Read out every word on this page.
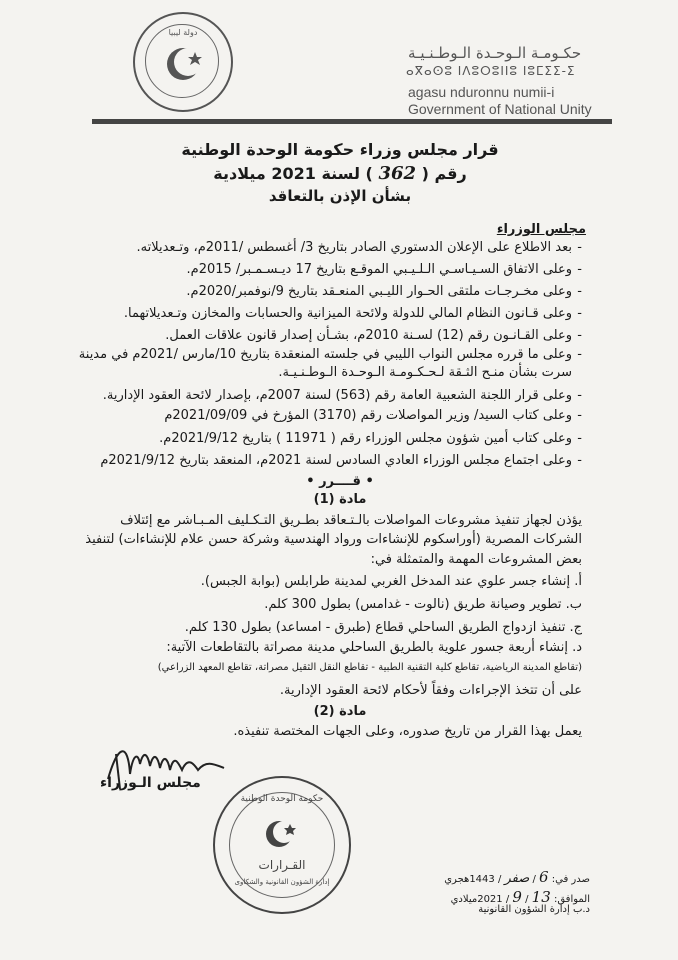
دولة ليبيا
حكـومـة الـوحـدة الـوطـنـيـة
ⴰⴳⴰⵙⵓ ⵏⴷⵓⵔⵓⵏⵏⵓ ⵏⵓⵎⵉⵉ-ⵉ
agasu nduronnu numii-i
Government of National Unity
قرار مجلس وزراء حكومة الوحدة الوطنية
رقم ( 362 ) لسنة 2021 ميلادية
بشأن الإذن بالتعاقد
مجلس الوزراء
-بعد الاطلاع على الإعلان الدستوري الصادر بتاريخ 3/ أغسطس /2011م، وتـعديلاته.
-وعلى الاتفاق السـيـاسـي الـلـيـبي الموقـع بتاريخ 17 ديـسـمـبر/ 2015م.
-وعلى مخـرجـات ملتقى الحـوار الليـبي المنعـقد بتاريخ 9/نوفمبر/2020م.
-وعلى قـانون النظام المالي للدولة ولائحة الميزانية والحسابات والمخازن وتـعديلاتهما.
-وعلى القـانـون رقم (12) لسـنة 2010م، بشـأن إصدار قانون علاقات العمل.
-وعلى ما قرره مجلس النواب الليبي في جلسته المنعقدة بتاريخ 10/مارس /2021م في مدينة
سرت بشأن منـح الثـقة لـحـكـومـة الـوحـدة الـوطـنـيـة.
-وعلى قرار اللجنة الشعبية العامة رقم (563) لسنة 2007م، بإصدار لائحة العقود الإدارية.
-وعلى كتاب السيد/ وزير المواصلات رقم (3170) المؤرخ في 2021/09/09م
-وعلى كتاب أمين شؤون مجلس الوزراء رقم ( 11971 ) بتاريخ 2021/9/12م.
-وعلى اجتماع مجلس الوزراء العادي السادس لسنة 2021م، المنعقد بتاريخ 2021/9/12م
• قــــرر •
مادة (1)
يؤذن لجهاز تنفيذ مشروعات المواصلات بالـتـعاقد بطـريق التـكـليف المـبـاشر مع إئتلاف
الشركات المصرية (أوراسكوم للإنشاءات ورواد الهندسية وشركة حسن علام للإنشاءات) لتنفيذ
بعض المشروعات المهمة والمتمثلة في:
أ. إنشاء جسر علوي عند المدخل الغربي لمدينة طرابلس (بوابة الجبس).
ب. تطوير وصيانة طريق (نالوت - غدامس) بطول 300 كلم.
ج. تنفيذ ازدواج الطريق الساحلي قطاع (طبرق - امساعد) بطول 130 كلم.
د. إنشاء أربعة جسور علوية بالطريق الساحلي مدينة مصراتة بالتقاطعات الآتية:
(تقاطع المدينة الرياضية، تقاطع كلية التقنية الطبية - تقاطع النقل الثقيل مصراتة، تقاطع المعهد الزراعي)
على أن تتخذ الإجراءات وفقاً لأحكام لائحة العقود الإدارية.
مادة (2)
يعمل بهذا القرار من تاريخ صدوره، وعلى الجهات المختصة تنفيذه.
مجلس الـوزراء
حكومة الوحدة الوطنية
القـرارات
إدارة الشؤون القانونية والشكاوى	صدر في: 6 / صفر / 1443هجري
الموافق: 13 / 9 / 2021ميلادي
د.ب إدارة الشؤون القانونية
